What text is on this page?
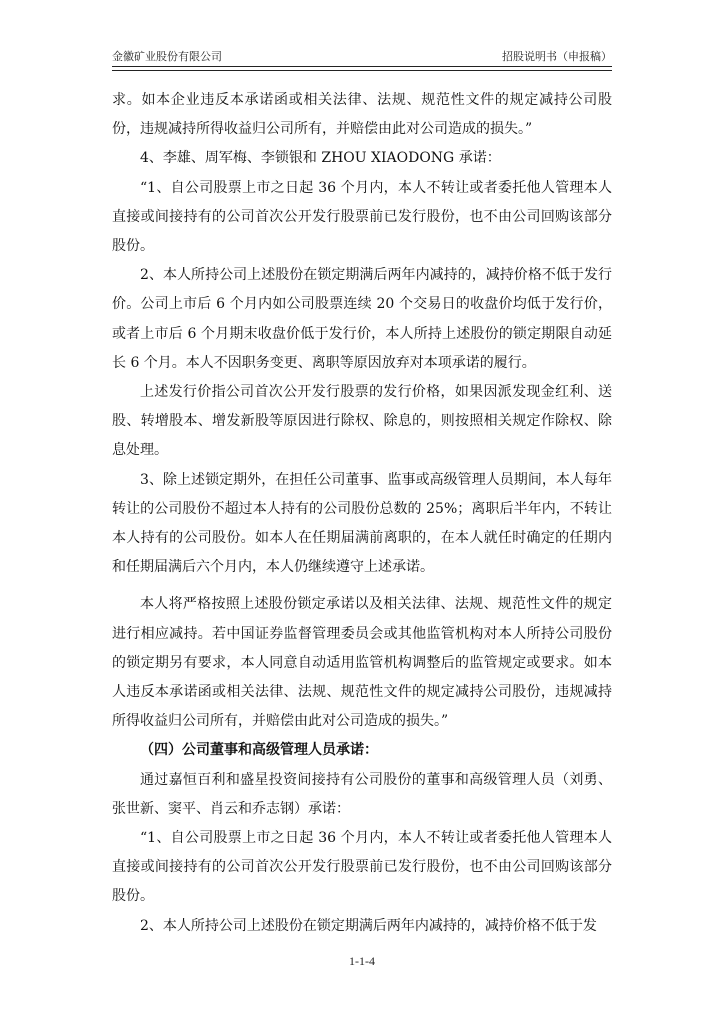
金徽矿业股份有限公司	招股说明书（申报稿）

求。如本企业违反本承诺函或相关法律、法规、规范性文件的规定减持公司股份，违规减持所得收益归公司所有，并赔偿由此对公司造成的损失。”

4、李雄、周军梅、李锁银和 ZHOU XIAODONG 承诺：

“1、自公司股票上市之日起 36 个月内，本人不转让或者委托他人管理本人直接或间接持有的公司首次公开发行股票前已发行股份，也不由公司回购该部分股份。

2、本人所持公司上述股份在锁定期满后两年内减持的，减持价格不低于发行价。公司上市后 6 个月内如公司股票连续 20 个交易日的收盘价均低于发行价，或者上市后 6 个月期末收盘价低于发行价，本人所持上述股份的锁定期限自动延长 6 个月。本人不因职务变更、离职等原因放弃对本项承诺的履行。

上述发行价指公司首次公开发行股票的发行价格，如果因派发现金红利、送股、转增股本、增发新股等原因进行除权、除息的，则按照相关规定作除权、除息处理。

3、除上述锁定期外，在担任公司董事、监事或高级管理人员期间，本人每年转让的公司股份不超过本人持有的公司股份总数的 25%；离职后半年内，不转让本人持有的公司股份。如本人在任期届满前离职的，在本人就任时确定的任期内和任期届满后六个月内，本人仍继续遵守上述承诺。

本人将严格按照上述股份锁定承诺以及相关法律、法规、规范性文件的规定进行相应减持。若中国证券监督管理委员会或其他监管机构对本人所持公司股份的锁定期另有要求，本人同意自动适用监管机构调整后的监管规定或要求。如本人违反本承诺函或相关法律、法规、规范性文件的规定减持公司股份，违规减持所得收益归公司所有，并赔偿由此对公司造成的损失。”

（四）公司董事和高级管理人员承诺：

通过嘉恒百利和盛星投资间接持有公司股份的董事和高级管理人员（刘勇、张世新、窦平、肖云和乔志钢）承诺：

“1、自公司股票上市之日起 36 个月内，本人不转让或者委托他人管理本人直接或间接持有的公司首次公开发行股票前已发行股份，也不由公司回购该部分股份。

2、本人所持公司上述股份在锁定期满后两年内减持的，减持价格不低于发

1-1-4
